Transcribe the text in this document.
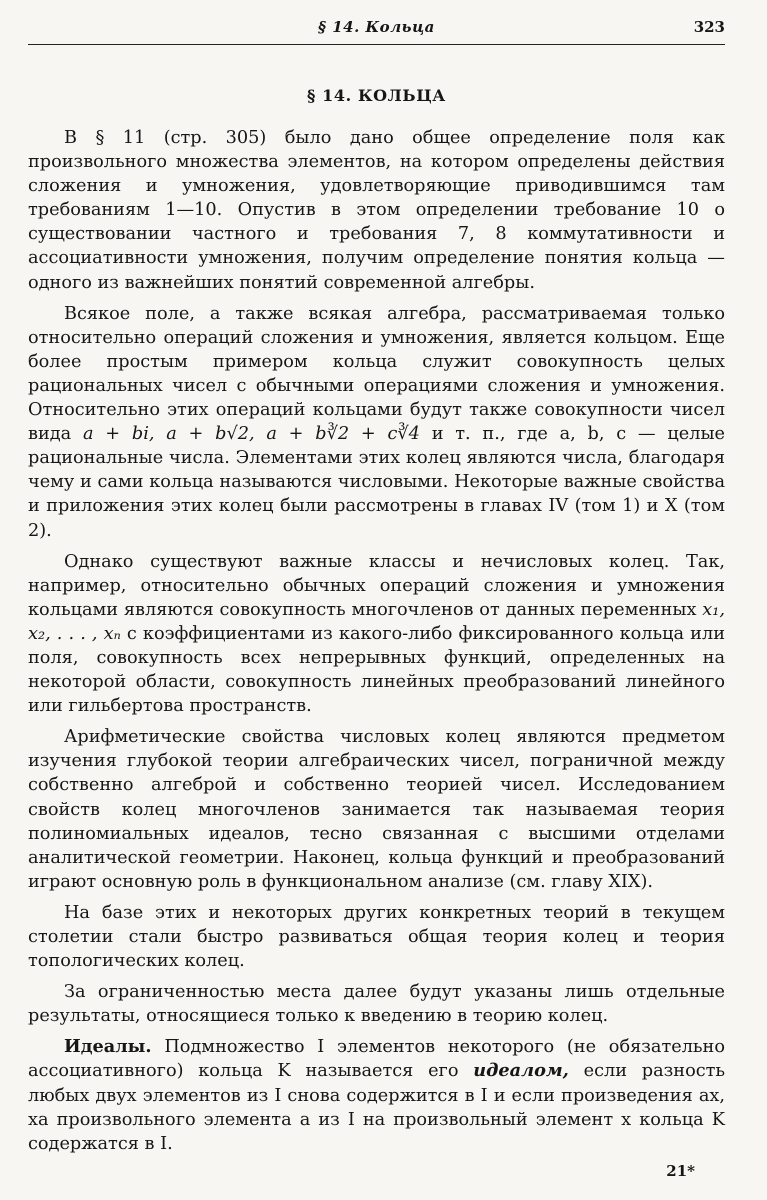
§ 14. Кольца	323
§ 14. КОЛЬЦА

В § 11 (стр. 305) было дано общее определение поля как произвольного множества элементов, на котором определены действия сложения и умножения, удовлетворяющие приводившимся там требованиям 1—10. Опустив в этом определении требование 10 о существовании частного и требования 7, 8 коммутативности и ассоциативности умножения, получим определение понятия кольца — одного из важнейших понятий современной алгебры.

Всякое поле, а также всякая алгебра, рассматриваемая только относительно операций сложения и умножения, является кольцом. Еще более простым примером кольца служит совокупность целых рациональных чисел с обычными операциями сложения и умножения. Относительно этих операций кольцами будут также совокупности чисел вида a + bi, a + b√2, a + b∛2 + c∛4 и т. п., где a, b, c — целые рациональные числа. Элементами этих колец являются числа, благодаря чему и сами кольца называются числовыми. Некоторые важные свойства и приложения этих колец были рассмотрены в главах IV (том 1) и X (том 2).

Однако существуют важные классы и нечисловых колец. Так, например, относительно обычных операций сложения и умножения кольцами являются совокупность многочленов от данных переменных x₁, x₂, . . . , xₙ с коэффициентами из какого-либо фиксированного кольца или поля, совокупность всех непрерывных функций, определенных на некоторой области, совокупность линейных преобразований линейного или гильбертова пространств.

Арифметические свойства числовых колец являются предметом изучения глубокой теории алгебраических чисел, пограничной между собственно алгеброй и собственно теорией чисел. Исследованием свойств колец многочленов занимается так называемая теория полиномиальных идеалов, тесно связанная с высшими отделами аналитической геометрии. Наконец, кольца функций и преобразований играют основную роль в функциональном анализе (см. главу XIX).

На базе этих и некоторых других конкретных теорий в текущем столетии стали быстро развиваться общая теория колец и теория топологических колец.

За ограниченностью места далее будут указаны лишь отдельные результаты, относящиеся только к введению в теорию колец.

Идеалы. Подмножество I элементов некоторого (не обязательно ассоциативного) кольца K называется его идеалом, если разность любых двух элементов из I снова содержится в I и если произведения ax, xa произвольного элемента a из I на произвольный элемент x кольца K содержатся в I.

21*
